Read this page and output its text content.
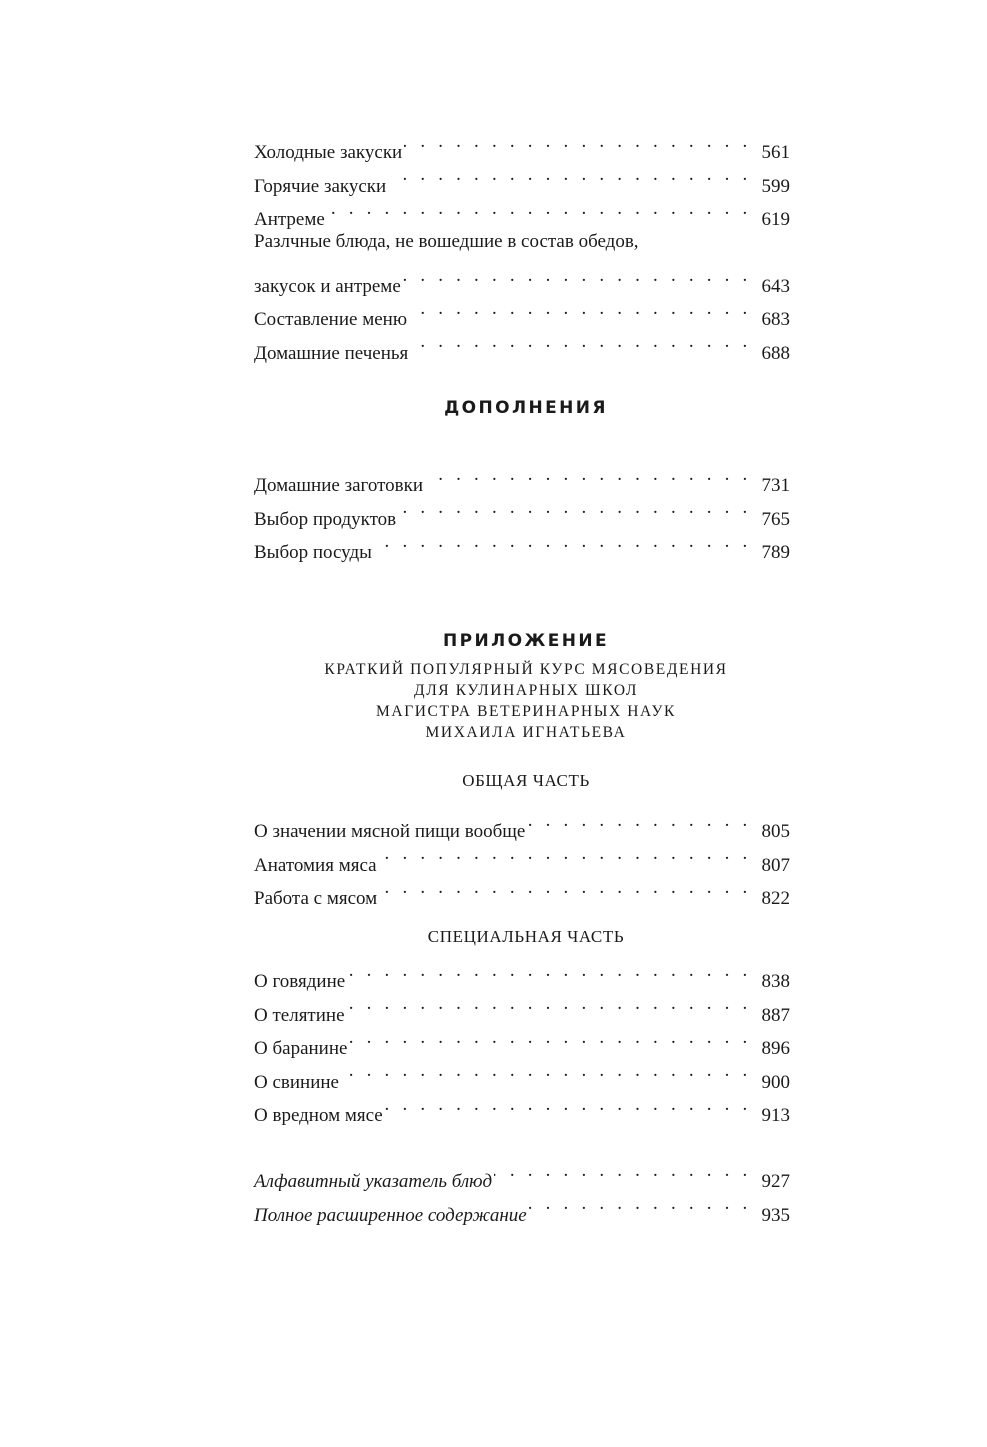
Холодные закуски . . .	561
Горячие закуски . . .	599
Антреме . . .	619
Разлчные блюда, не вошедшие в состав обедов,
закусок и антреме . . .	643
Составление меню . . .	683
Домашние печенья . . .	688
ДОПОЛНЕНИЯ
Домашние заготовки . . .	731
Выбор продуктов . . .	765
Выбор посуды . . .	789
ПРИЛОЖЕНИЕ
КРАТКИЙ ПОПУЛЯРНЫЙ КУРС МЯСОВЕДЕНИЯ
ДЛЯ КУЛИНАРНЫХ ШКОЛ
МАГИСТРА ВЕТЕРИНАРНЫХ НАУК
МИХАИЛА ИГНАТЬЕВА
ОБЩАЯ ЧАСТЬ
О значении мясной пищи вообще . . .	805
Анатомия мяса . . .	807
Работа с мясом . . .	822
СПЕЦИАЛЬНАЯ ЧАСТЬ
О говядине . . .	838
О телятине . . .	887
О баранине . . .	896
О свинине . . .	900
О вредном мясе . . .	913
Алфавитный указатель блюд . . .	927
Полное расширенное содержание . . .	935
